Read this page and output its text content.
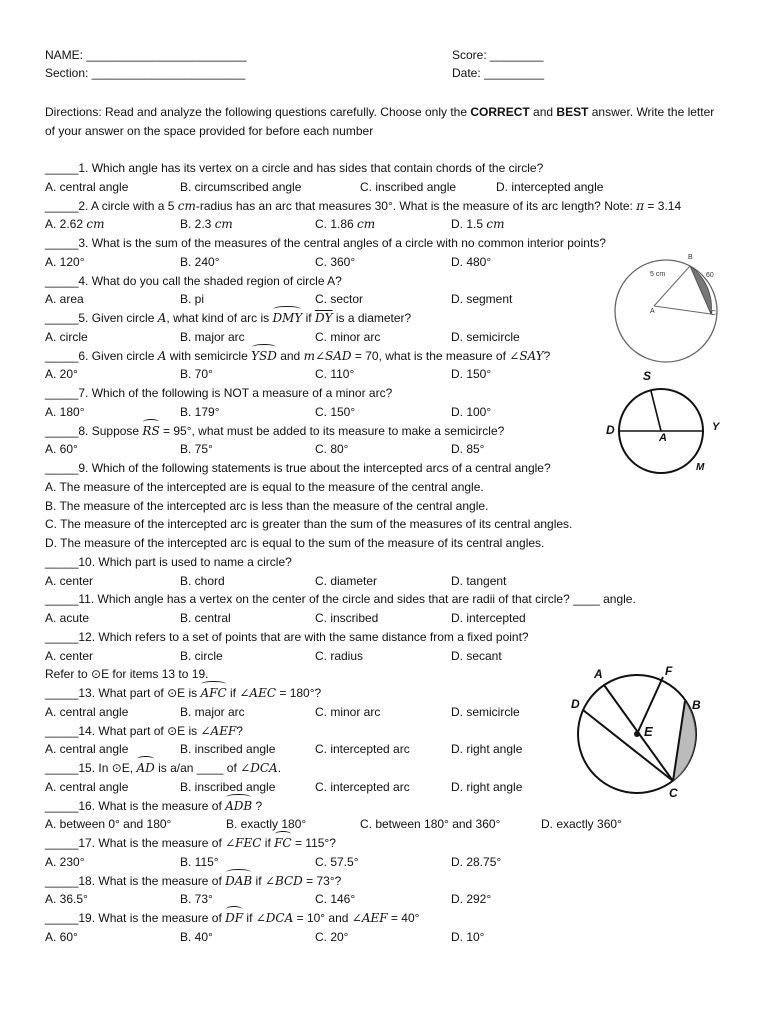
NAME: ________________________
Section: _______________________
Score: ________
Date: _________
Directions: Read and analyze the following questions carefully. Choose only the CORRECT and BEST answer. Write the letter of your answer on the space provided for before each number
_____1. Which angle has its vertex on a circle and has sides that contain chords of the circle?
A. central angle	B. circumscribed angle	C. inscribed angle	D. intercepted angle
_____2. A circle with a 5 cm-radius has an arc that measures 30°. What is the measure of its arc length? Note: π = 3.14
A. 2.62 cm	B. 2.3 cm	C. 1.86 cm	D. 1.5 cm
_____3. What is the sum of the measures of the central angles of a circle with no common interior points?
A. 120°	B. 240°	C. 360°	D. 480°
_____4. What do you call the shaded region of circle A?
A. area	B. pi	C. sector	D. segment
_____5. Given circle A, what kind of arc is DMY if $\overline{DY}$ is a diameter?
A. circle	B. major arc	C. minor arc	D. semicircle
_____6. Given circle A with semicircle YSD and m∠SAD = 70, what is the measure of ∠SAY?
A. 20°	B. 70°	C. 110°	D. 150°
_____7. Which of the following is NOT a measure of a minor arc?
A. 180°	B. 179°	C. 150°	D. 100°
_____8. Suppose RS = 95°, what must be added to its measure to make a semicircle?
A. 60°	B. 75°	C. 80°	D. 85°
_____9. Which of the following statements is true about the intercepted arcs of a central angle?
A. The measure of the intercepted are is equal to the measure of the central angle.
B. The measure of the intercepted arc is less than the measure of the central angle.
C. The measure of the intercepted arc is greater than the sum of the measures of its central angles.
D. The measure of the intercepted arc is equal to the sum of the measure of its central angles.
_____10. Which part is used to name a circle?
A. center	B. chord	C. diameter	D. tangent
_____11. Which angle has a vertex on the center of the circle and sides that are radii of that circle? ____ angle.
A. acute	B. central	C. inscribed	D. intercepted
_____12. Which refers to a set of points that are with the same distance from a fixed point?
A. center	B. circle	C. radius	D. secant
Refer to ⊙E for items 13 to 19.
_____13. What part of ⊙E is AFC if ∠AEC = 180°?
A. central angle	B. major arc	C. minor arc	D. semicircle
_____14. What part of ⊙E is ∠AEF?
A. central angle	B. inscribed angle	C. intercepted arc	D. right angle
_____15. In ⊙E, AD is a/an ____ of ∠DCA.
A. central angle	B. inscribed angle	C. intercepted arc	D. right angle
_____16. What is the measure of ADB ?
A. between 0° and 180°	B. exactly 180°	C. between 180° and 360°	D. exactly 360°
_____17. What is the measure of ∠FEC if FC = 115°?
A. 230°	B. 115°	C. 57.5°	D. 28.75°
_____18. What is the measure of DAB if ∠BCD = 73°?
A. 36.5°	B. 73°	C. 146°	D. 292°
_____19. What is the measure of DF if ∠DCA = 10° and ∠AEF = 40°
A. 60°	B. 40°	C. 20°	D. 10°
5 cm	60
A
B
C
S
D
A
Y
M
A	F
D	B
E
C
